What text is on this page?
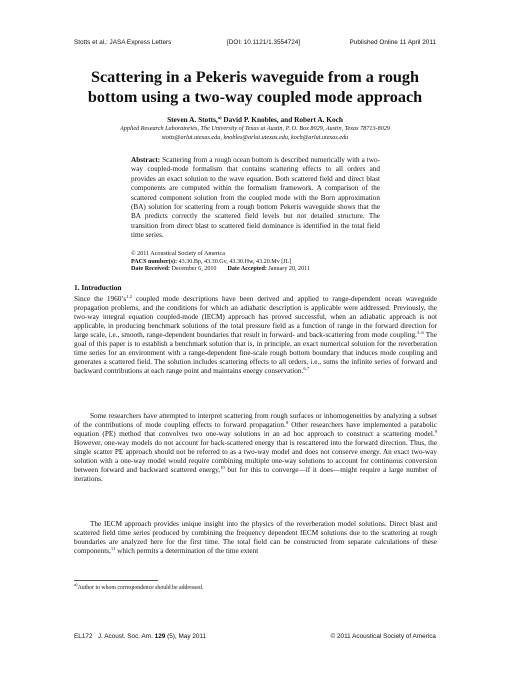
Stotts et al.: JASA Express Letters	[DOI: 10.1121/1.3554724]	Published Online 11 April 2011
Scattering in a Pekeris waveguide from a rough
bottom using a two-way coupled mode approach
Steven A. Stotts,$^{a)}$ David P. Knobles, and Robert A. Koch
Applied Research Laboratories, The University of Texas at Austin, P. O. Box 8029, Austin, Texas 78713-8029
stotts@arlut.utexas.edu, knobles@arlut.utexas.edu, koch@arlut.utexas.edu

Abstract: Scattering from a rough ocean bottom is described numerically with a two-way coupled-mode formalism that contains scattering effects to all orders and provides an exact solution to the wave equation. Both scattered field and direct blast components are computed within the formalism framework. A comparison of the scattered component solution from the coupled mode with the Born approximation (BA) solution for scattering from a rough bottom Pekeris waveguide shows that the BA predicts correctly the scattered field levels but not detailed structure. The transition from direct blast to scattered field dominance is identified in the total field time series.

© 2011 Acoustical Society of America
PACS number(s): 43.30.Bp, 43.30.Gv, 43.30.Hw, 43.20.Mv [JL]
Date Received: December 6, 2010 Date Accepted: January 20, 2011
1. Introduction

Since the $1960’s^{1,2}$ coupled mode descriptions have been derived and applied to range-dependent ocean waveguide propagation problems, and the conditions for which an adiabatic description is applicable were addressed. Previously, the two-way integral equation coupled-mode (IECM) approach has proved successful, when an adiabatic approach is not applicable, in producing benchmark solutions of the total pressure field as a function of range in the forward direction for large scale, i.e., smooth, range-dependent boundaries that result in forward- and back-scattering from mode coupling.$^{3-6}$ The goal of this paper is to establish a benchmark solution that is, in principle, an exact numerical solution for the reverberation time series for an environment with a range-dependent fine-scale rough bottom boundary that induces mode coupling and generates a scattered field. The solution includes scattering effects to all orders, i.e., sums the infinite series of forward and backward contributions at each range point and maintains energy conservation.$^{6,7}$

Some researchers have attempted to interpret scattering from rough surfaces or inhomogeneities by analyzing a subset of the contributions of mode coupling effects to forward propagation.$^8$ Other researchers have implemented a parabolic equation (PE) method that convolves two one-way solutions in an ad hoc approach to construct a scattering model.$^9$ However, one-way models do not account for back-scattered energy that is rescattered into the forward direction. Thus, the single scatter PE approach should not be referred to as a two-way model and does not conserve energy. An exact two-way solution with a one-way model would require combining multiple one-way solutions to account for continuous conversion between forward and backward scattered energy,$^{10}$ but for this to converge—if it does—might require a large number of iterations.

The IECM approach provides unique insight into the physics of the reverberation model solutions. Direct blast and scattered field time series produced by combining the frequency dependent IECM solutions due to the scattering at rough boundaries are analyzed here for the first time. The total field can be constructed from separate calculations of these components,$^{11}$ which permits a determination of the time extent

$^{a)}$Author to whom correspondence should be addressed.
EL172 J. Acoust. Soc. Am. 129 (5), May 2011	© 2011 Acoustical Society of America
